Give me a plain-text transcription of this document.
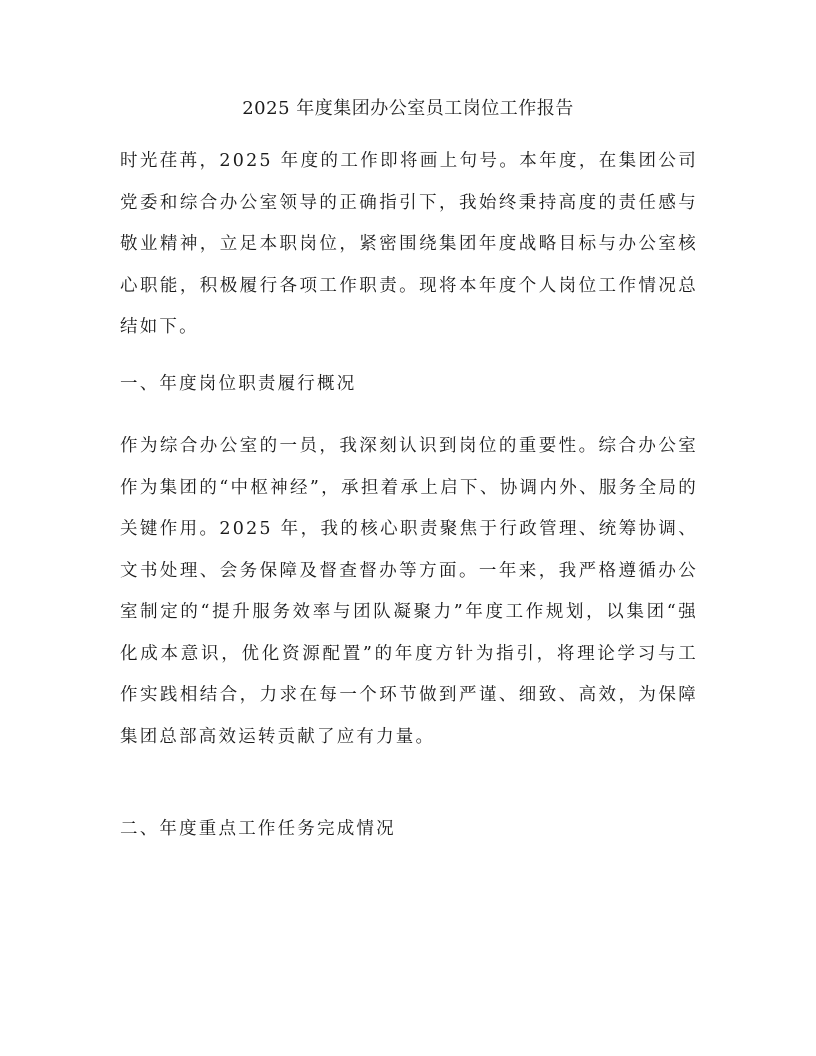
2025 年度集团办公室员工岗位工作报告

时光荏苒，2025 年度的工作即将画上句号。本年度，在集团公司党委和综合办公室领导的正确指引下，我始终秉持高度的责任感与敬业精神，立足本职岗位，紧密围绕集团年度战略目标与办公室核心职能，积极履行各项工作职责。现将本年度个人岗位工作情况总结如下。

一、年度岗位职责履行概况

作为综合办公室的一员，我深刻认识到岗位的重要性。综合办公室作为集团的“中枢神经”，承担着承上启下、协调内外、服务全局的关键作用。2025 年，我的核心职责聚焦于行政管理、统筹协调、文书处理、会务保障及督查督办等方面。一年来，我严格遵循办公室制定的“提升服务效率与团队凝聚力”年度工作规划，以集团“强化成本意识，优化资源配置”的年度方针为指引，将理论学习与工作实践相结合，力求在每一个环节做到严谨、细致、高效，为保障集团总部高效运转贡献了应有力量。

二、年度重点工作任务完成情况
